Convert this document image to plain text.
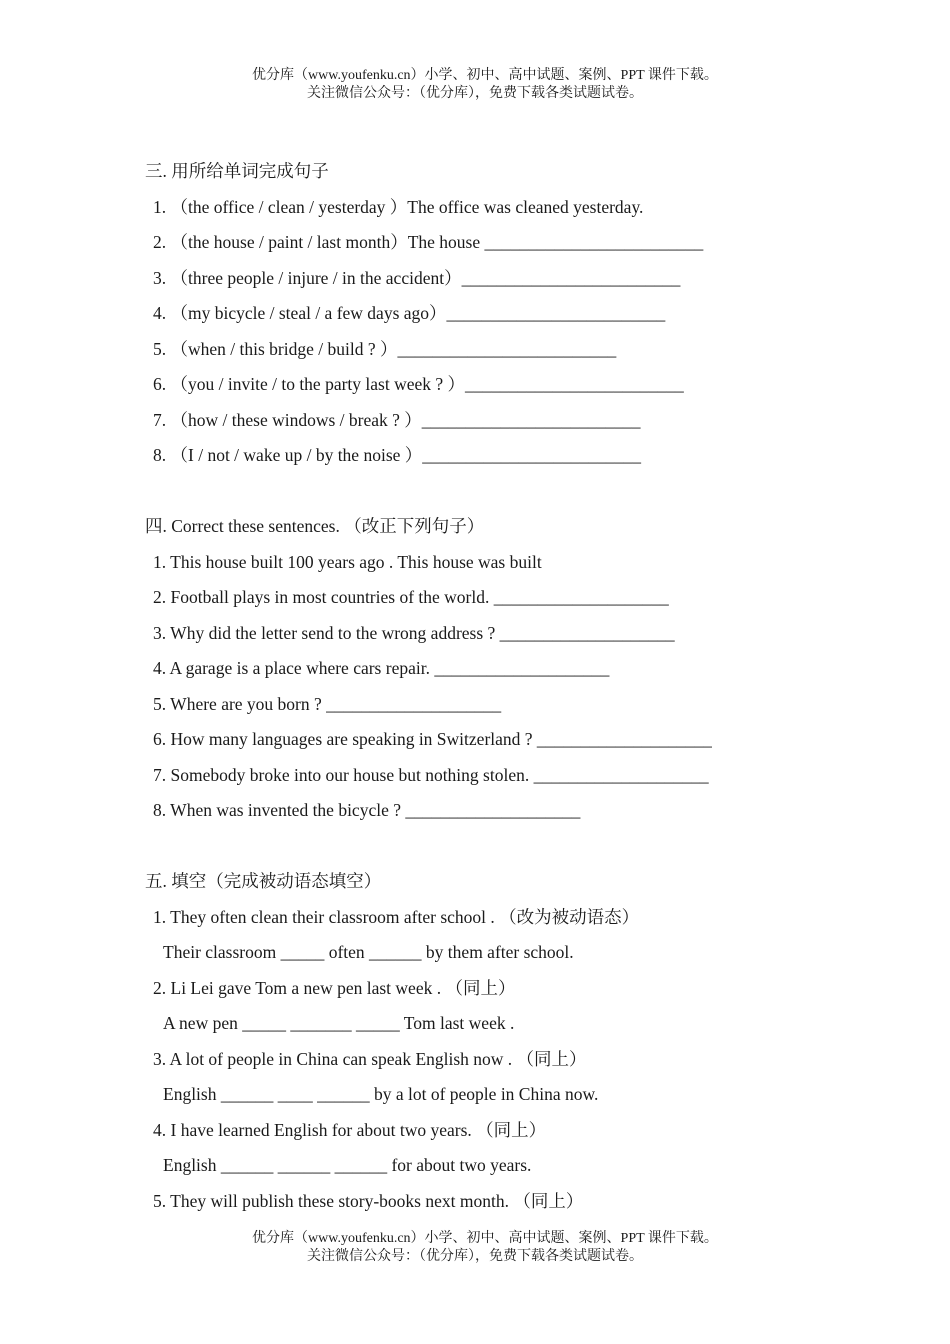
优分库（www.youfenku.cn）小学、初中、高中试题、案例、PPT 课件下载。
关注微信公众号：（优分库），免费下载各类试题试卷。
三. 用所给单词完成句子
1. （the office / clean / yesterday ）The office was cleaned yesterday.
2. （the house / paint / last month）The house _________________________
3. （three people / injure / in the accident）_________________________
4. （my bicycle / steal / a few days ago）_________________________
5. （when / this bridge / build ? ）_________________________
6. （you / invite / to the party last week ? ）_________________________
7. （how / these windows / break ? ）_________________________
8. （I / not / wake up / by the noise ）_________________________
四. Correct these sentences. （改正下列句子）
1. This house built 100 years ago . This house was built
2. Football plays in most countries of the world. ____________________
3. Why did the letter send to the wrong address ? ____________________
4. A garage is a place where cars repair. ____________________
5. Where are you born ? ____________________
6. How many languages are speaking in Switzerland ? ____________________
7. Somebody broke into our house but nothing stolen. ____________________
8. When was invented the bicycle ? ____________________
五. 填空（完成被动语态填空）
1. They often clean their classroom after school . （改为被动语态）
Their classroom _____ often ______ by them after school.
2. Li Lei gave Tom a new pen last week . （同上）
A new pen _____ _______ _____ Tom last week .
3. A lot of people in China can speak English now . （同上）
English ______ ____ ______ by a lot of people in China now.
4. I have learned English for about two years. （同上）
English ______ ______ ______ for about two years.
5. They will publish these story-books next month. （同上）
优分库（www.youfenku.cn）小学、初中、高中试题、案例、PPT 课件下载。
关注微信公众号：（优分库），免费下载各类试题试卷。
